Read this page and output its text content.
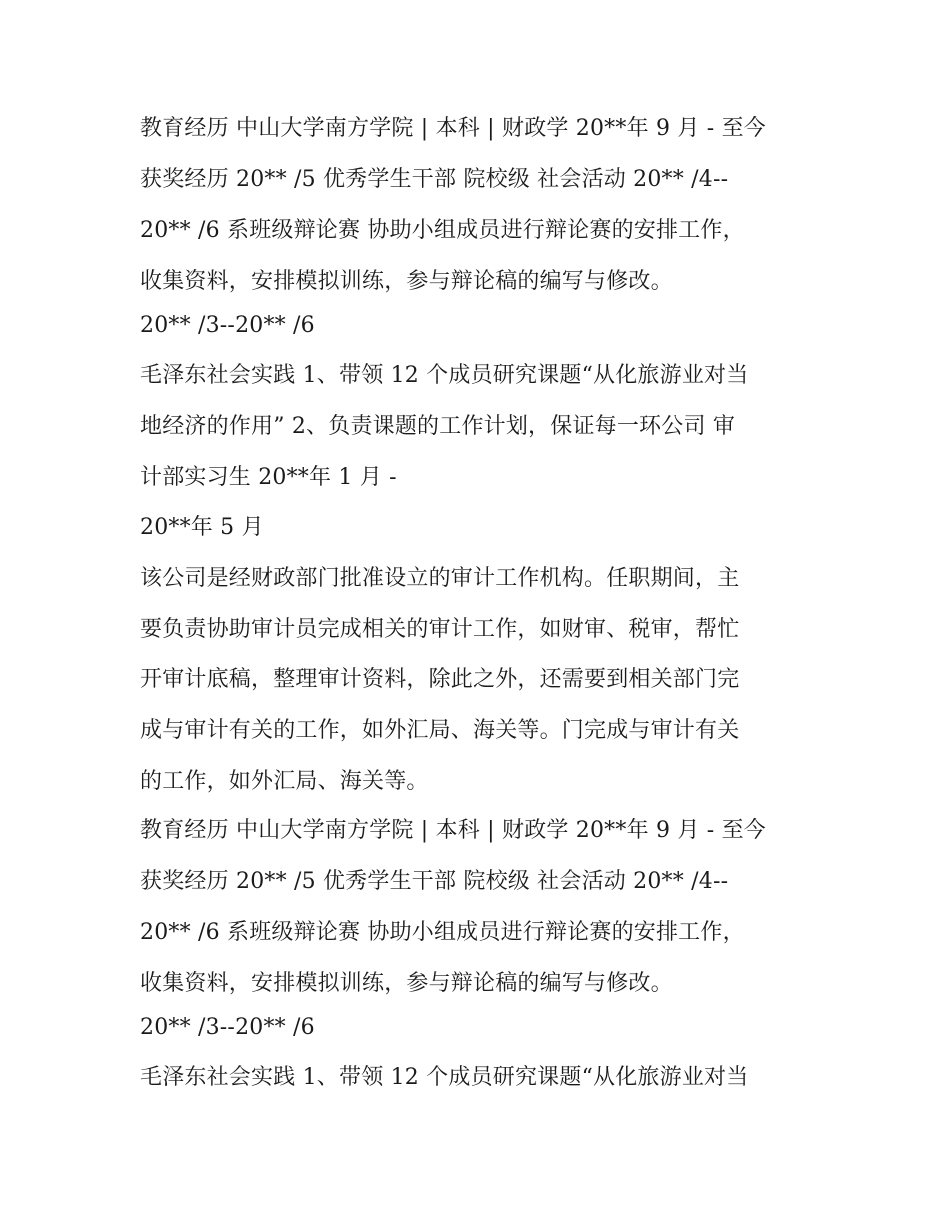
教育经历 中山大学南方学院 | 本科 | 财政学 20**年 9 月 - 至今
获奖经历 20** /5 优秀学生干部 院校级 社会活动 20** /4--
20** /6 系班级辩论赛 协助小组成员进行辩论赛的安排工作，
收集资料，安排模拟训练，参与辩论稿的编写与修改。
20** /3--20** /6
毛泽东社会实践 1、带领 12 个成员研究课题“从化旅游业对当
地经济的作用” 2、负责课题的工作计划，保证每一环公司 审
计部实习生 20**年 1 月 -
20**年 5 月
该公司是经财政部门批准设立的审计工作机构。任职期间，主
要负责协助审计员完成相关的审计工作，如财审、税审，帮忙
开审计底稿，整理审计资料，除此之外，还需要到相关部门完
成与审计有关的工作，如外汇局、海关等。门完成与审计有关
的工作，如外汇局、海关等。
教育经历 中山大学南方学院 | 本科 | 财政学 20**年 9 月 - 至今
获奖经历 20** /5 优秀学生干部 院校级 社会活动 20** /4--
20** /6 系班级辩论赛 协助小组成员进行辩论赛的安排工作，
收集资料，安排模拟训练，参与辩论稿的编写与修改。
20** /3--20** /6
毛泽东社会实践 1、带领 12 个成员研究课题“从化旅游业对当
